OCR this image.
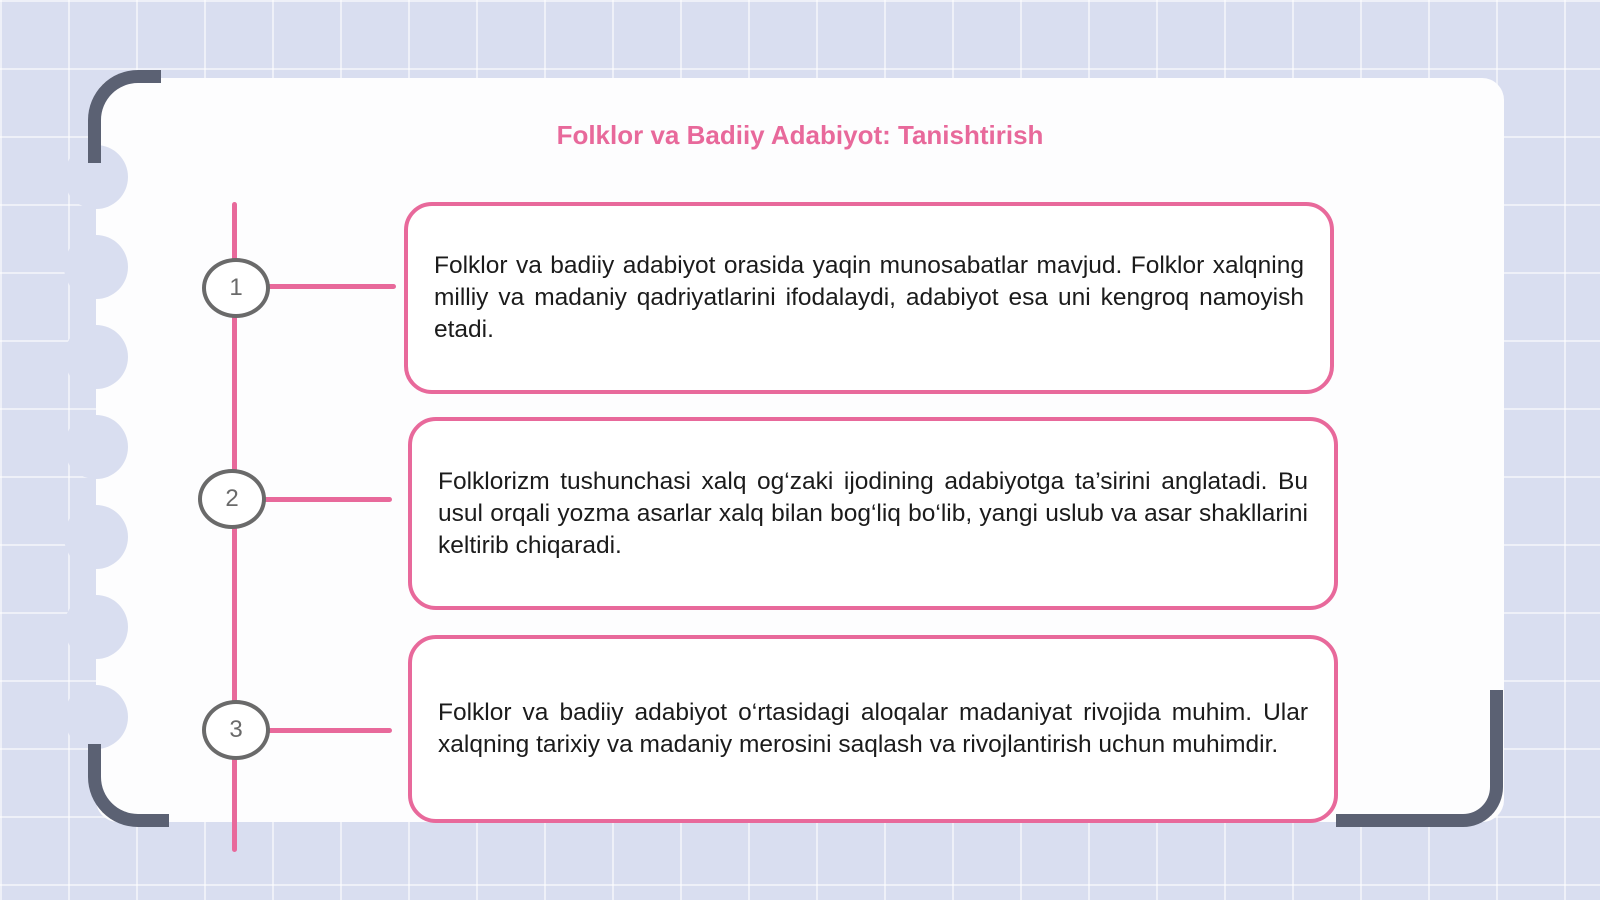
Folklor va Badiiy Adabiyot: Tanishtirish
1

Folklor va badiiy adabiyot orasida yaqin munosabatlar mavjud. Folklor xalqning milliy va madaniy qadriyatlarini ifodalaydi, adabiyot esa uni kengroq namoyish etadi.

2

Folklorizm tushunchasi xalq og‘zaki ijodining adabiyotga ta’sirini anglatadi. Bu usul orqali yozma asarlar xalq bilan bog‘liq bo‘lib, yangi uslub va asar shakllarini keltirib chiqaradi.

3

Folklor va badiiy adabiyot o‘rtasidagi aloqalar madaniyat rivojida muhim. Ular xalqning tarixiy va madaniy merosini saqlash va rivojlantirish uchun muhimdir.
